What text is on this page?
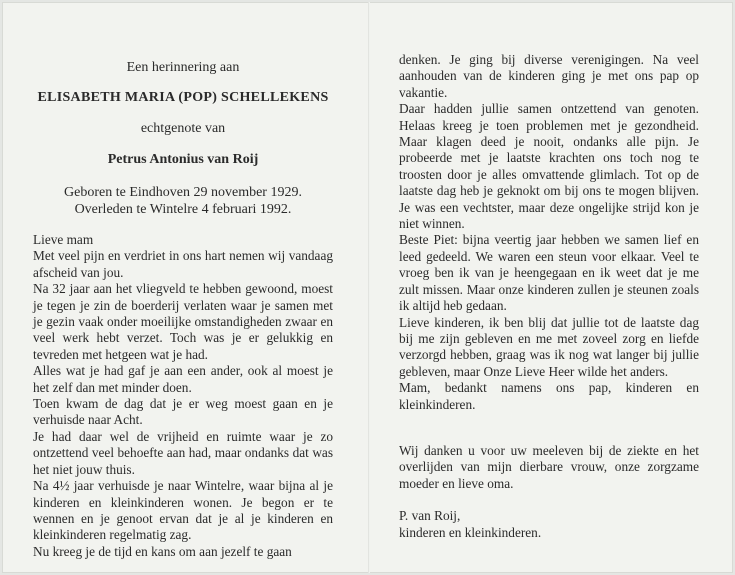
Een herinnering aan

ELISABETH MARIA (POP) SCHELLEKENS

echtgenote van

Petrus Antonius van Roij

Geboren te Eindhoven 29 november 1929.
Overleden te Wintelre 4 februari 1992.

Lieve mam

Met veel pijn en verdriet in ons hart nemen wij vandaag afscheid van jou.

Na 32 jaar aan het vliegveld te hebben gewoond, moest je tegen je zin de boerderij verlaten waar je samen met je gezin vaak onder moeilijke omstandigheden zwaar en veel werk hebt verzet. Toch was je er gelukkig en tevreden met hetgeen wat je had.

Alles wat je had gaf je aan een ander, ook al moest je het zelf dan met minder doen.

Toen kwam de dag dat je er weg moest gaan en je verhuisde naar Acht.

Je had daar wel de vrijheid en ruimte waar je zo ontzettend veel behoefte aan had, maar ondanks dat was het niet jouw thuis.

Na 4½ jaar verhuisde je naar Wintelre, waar bijna al je kinderen en kleinkinderen wonen. Je begon er te wennen en je genoot ervan dat je al je kinderen en kleinkinderen regelmatig zag.

Nu kreeg je de tijd en kans om aan jezelf te gaan

denken. Je ging bij diverse verenigingen. Na veel aanhouden van de kinderen ging je met ons pap op vakantie.

Daar hadden jullie samen ontzettend van genoten. Helaas kreeg je toen problemen met je gezondheid. Maar klagen deed je nooit, ondanks alle pijn. Je probeerde met je laatste krachten ons toch nog te troosten door je alles omvattende glimlach. Tot op de laatste dag heb je geknokt om bij ons te mogen blijven. Je was een vechtster, maar deze ongelijke strijd kon je niet winnen.

Beste Piet: bijna veertig jaar hebben we samen lief en leed gedeeld. We waren een steun voor elkaar. Veel te vroeg ben ik van je heengegaan en ik weet dat je me zult missen. Maar onze kinderen zullen je steunen zoals ik altijd heb gedaan.

Lieve kinderen, ik ben blij dat jullie tot de laatste dag bij me zijn gebleven en me met zoveel zorg en liefde verzorgd hebben, graag was ik nog wat langer bij jullie gebleven, maar Onze Lieve Heer wilde het anders.

Mam, bedankt namens ons pap, kinderen en kleinkinderen.

Wij danken u voor uw meeleven bij de ziekte en het overlijden van mijn dierbare vrouw, onze zorgzame moeder en lieve oma.

P. van Roij,

kinderen en kleinkinderen.
